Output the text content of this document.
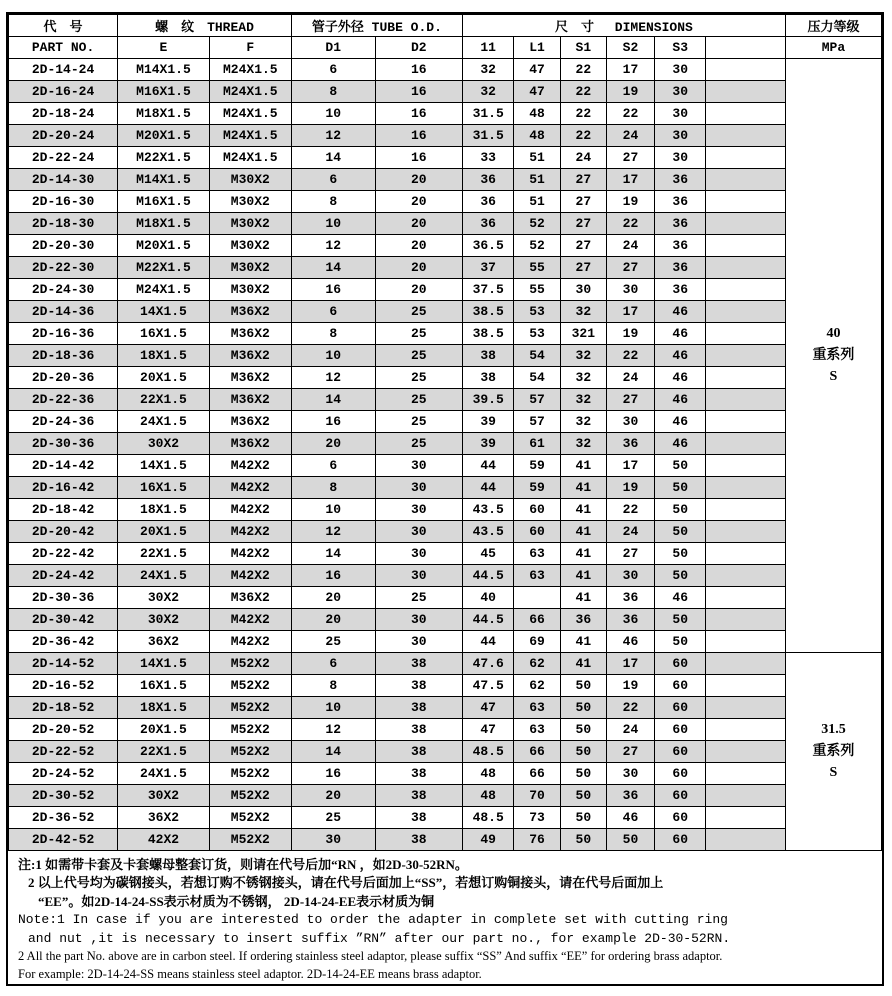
代　号	螺　纹　THREAD		管子外径 TUBE O.D.		尺　寸　 DIMENSIONS						压力等级
PART NO.	E	F	D1	D2	11	L1	S1	S2	S3		MPa
2D-14-24	M14X1.5	M24X1.5	6	16	32	47	22	17	30		40
重系列
S

2D-16-24	M16X1.5	M24X1.5	8	16	32	47	22	19	30		
2D-18-24	M18X1.5	M24X1.5	10	16	31.5	48	22	22	30		
2D-20-24	M20X1.5	M24X1.5	12	16	31.5	48	22	24	30		
2D-22-24	M22X1.5	M24X1.5	14	16	33	51	24	27	30		
2D-14-30	M14X1.5	M30X2	6	20	36	51	27	17	36		
2D-16-30	M16X1.5	M30X2	8	20	36	51	27	19	36		
2D-18-30	M18X1.5	M30X2	10	20	36	52	27	22	36		
2D-20-30	M20X1.5	M30X2	12	20	36.5	52	27	24	36		
2D-22-30	M22X1.5	M30X2	14	20	37	55	27	27	36		
2D-24-30	M24X1.5	M30X2	16	20	37.5	55	30	30	36		
2D-14-36	14X1.5	M36X2	6	25	38.5	53	32	17	46		
2D-16-36	16X1.5	M36X2	8	25	38.5	53	321	19	46		
2D-18-36	18X1.5	M36X2	10	25	38	54	32	22	46		
2D-20-36	20X1.5	M36X2	12	25	38	54	32	24	46		
2D-22-36	22X1.5	M36X2	14	25	39.5	57	32	27	46		
2D-24-36	24X1.5	M36X2	16	25	39	57	32	30	46		
2D-30-36	30X2	M36X2	20	25	39	61	32	36	46		
2D-14-42	14X1.5	M42X2	6	30	44	59	41	17	50		
2D-16-42	16X1.5	M42X2	8	30	44	59	41	19	50		
2D-18-42	18X1.5	M42X2	10	30	43.5	60	41	22	50		
2D-20-42	20X1.5	M42X2	12	30	43.5	60	41	24	50		
2D-22-42	22X1.5	M42X2	14	30	45	63	41	27	50		
2D-24-42	24X1.5	M42X2	16	30	44.5	63	41	30	50		
2D-30-36	30X2	M36X2	20	25	40		41	36	46		
2D-30-42	30X2	M42X2	20	30	44.5	66	36	36	50		
2D-36-42	36X2	M42X2	25	30	44	69	41	46	50		
2D-14-52	14X1.5	M52X2	6	38	47.6	62	41	17	60		31.5
重系列
S

2D-16-52	16X1.5	M52X2	8	38	47.5	62	50	19	60		
2D-18-52	18X1.5	M52X2	10	38	47	63	50	22	60		
2D-20-52	20X1.5	M52X2	12	38	47	63	50	24	60		
2D-22-52	22X1.5	M52X2	14	38	48.5	66	50	27	60		
2D-24-52	24X1.5	M52X2	16	38	48	66	50	30	60		
2D-30-52	30X2	M52X2	20	38	48	70	50	36	60		
2D-36-52	36X2	M52X2	25	38	48.5	73	50	46	60		
2D-42-52	42X2	M52X2	30	38	49	76	50	50	60		
注:1 如需带卡套及卡套螺母整套订货，则请在代号后加“RN ，如2D-30-52RN。
2 以上代号均为碳钢接头，若想订购不锈钢接头，请在代号后面加上“SS”，若想订购铜接头，请在代号后面加上
“EE”。如2D-14-24-SS表示材质为不锈钢， 2D-14-24-EE表示材质为铜
Note:1 In case if you are interested to order the adapter in complete set with cutting ring
and nut ,it is necessary to insert suffix ”RN” after our part no., for example 2D-30-52RN.
2 All the part No. above are in carbon steel. If ordering stainless steel adaptor, please suffix “SS” And suffix “EE” for ordering brass adaptor.
For example: 2D-14-24-SS means stainless steel adaptor. 2D-14-24-EE means brass adaptor.
